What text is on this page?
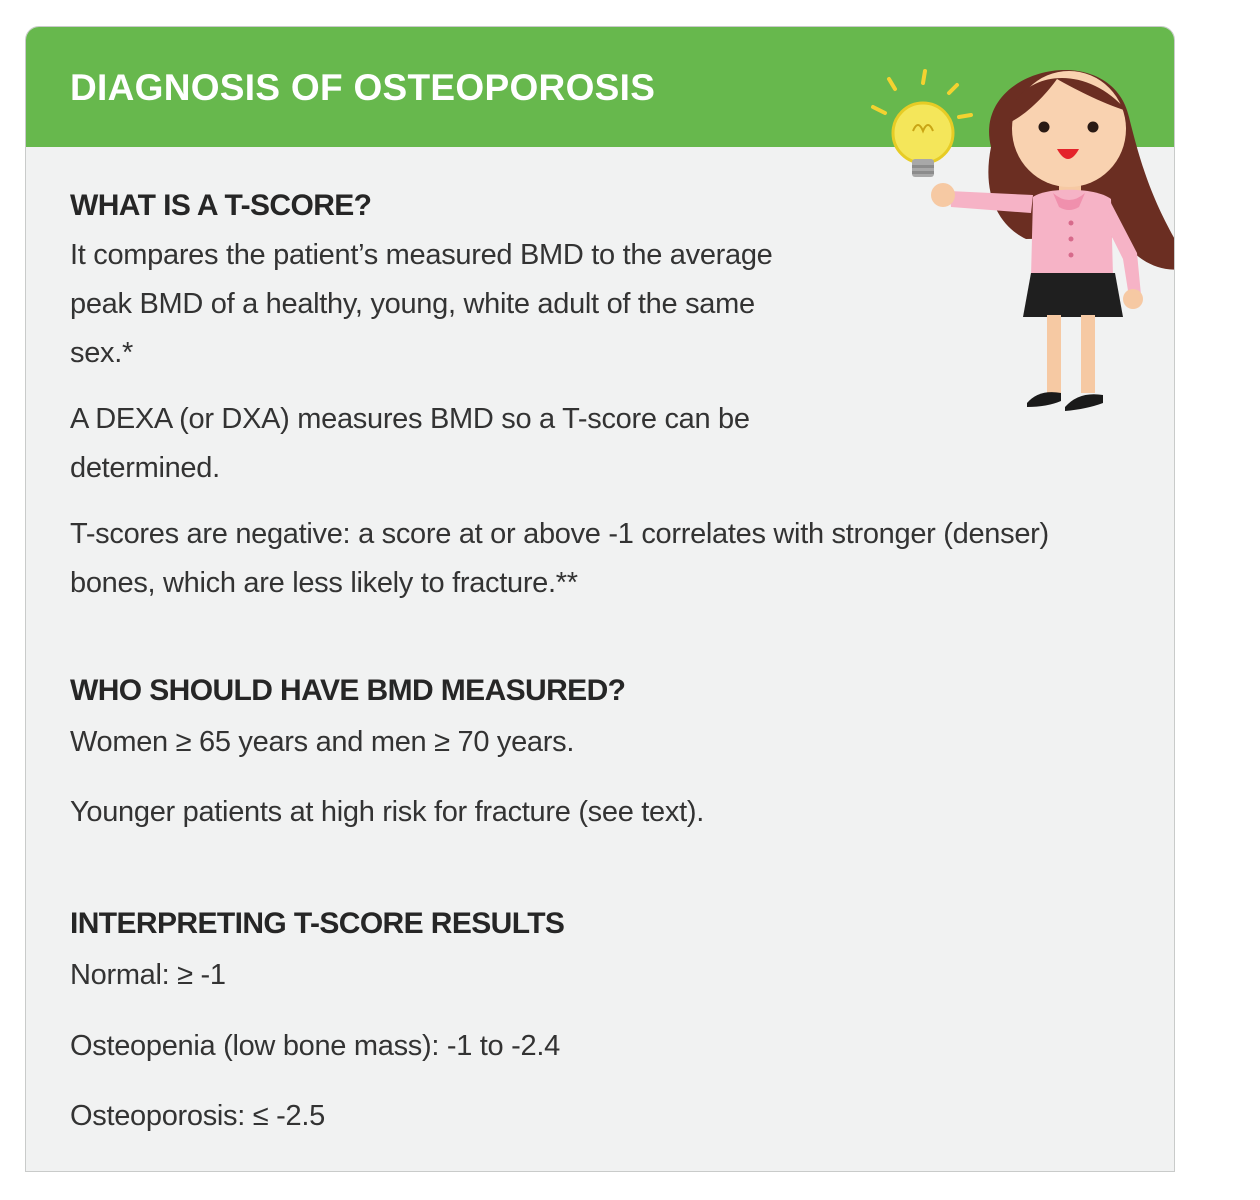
DIAGNOSIS OF OSTEOPOROSIS
WHAT IS A T-SCORE?

It compares the patient’s measured BMD to the average peak BMD of a healthy, young, white adult of the same sex.*

A DEXA (or DXA) measures BMD so a T-score can be determined.

T-scores are negative: a score at or above -1 correlates with stronger (denser) bones, which are less likely to fracture.**

WHO SHOULD HAVE BMD MEASURED?

Women ≥ 65 years and men ≥ 70 years.

Younger patients at high risk for fracture (see text).

INTERPRETING T-SCORE RESULTS

Normal: ≥ -1

Osteopenia (low bone mass): -1 to -2.4

Osteoporosis: ≤ -2.5
